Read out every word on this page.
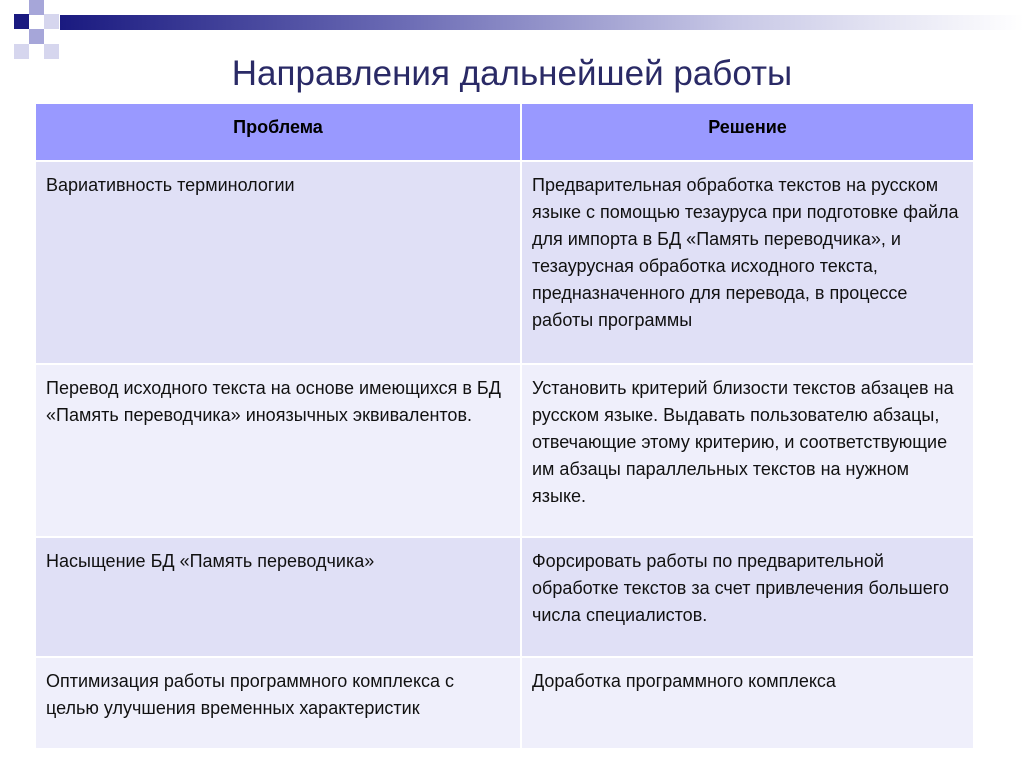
Направления дальнейшей работы
Проблема	Решение
Вариативность терминологии	Предварительная обработка текстов на русском языке с помощью тезауруса при подготовке файла для импорта в БД «Память переводчика», и тезаурусная обработка исходного текста, предназначенного для перевода, в процессе работы программы
Перевод исходного текста на основе имеющихся в БД «Память переводчика» иноязычных эквивалентов.	Установить критерий близости текстов абзацев на русском языке. Выдавать пользователю абзацы, отвечающие этому критерию, и соответствующие им абзацы параллельных текстов на нужном языке.
Насыщение БД «Память переводчика»	Форсировать работы по предварительной обработке текстов за счет привлечения большего числа специалистов.
Оптимизация работы программного комплекса с целью улучшения временных характеристик	Доработка программного комплекса
